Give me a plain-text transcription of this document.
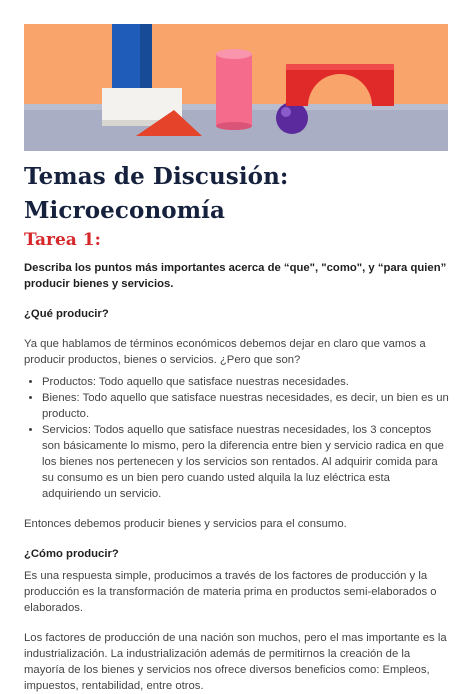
Temas de Discusión: Microeconomía
Tarea 1:

Describa los puntos más importantes acerca de “que", "como", y “para quien” producir bienes y servicios.

¿Qué producir?

Ya que hablamos de términos económicos debemos dejar en claro que vamos a producir productos, bienes o servicios. ¿Pero que son?

• Productos: Todo aquello que satisface nuestras necesidades.
• Bienes: Todo aquello que satisface nuestras necesidades, es decir, un bien es un producto.
• Servicios: Todos aquello que satisface nuestras necesidades, los 3 conceptos son básicamente lo mismo, pero la diferencia entre bien y servicio radica en que los bienes nos pertenecen y los servicios son rentados. Al adquirir comida para su consumo es un bien pero cuando usted alquila la luz eléctrica esta adquiriendo un servicio.

Entonces debemos producir bienes y servicios para el consumo.

¿Cómo producir?

Es una respuesta simple, producimos a través de los factores de producción y la producción es la transformación de materia prima en productos semi-elaborados o elaborados.

Los factores de producción de una nación son muchos, pero el mas importante es la industrialización. La industrialización además de permitirnos la creación de la mayoría de los bienes y servicios nos ofrece diversos beneficios como: Empleos, impuestos, rentabilidad, entre otros.
